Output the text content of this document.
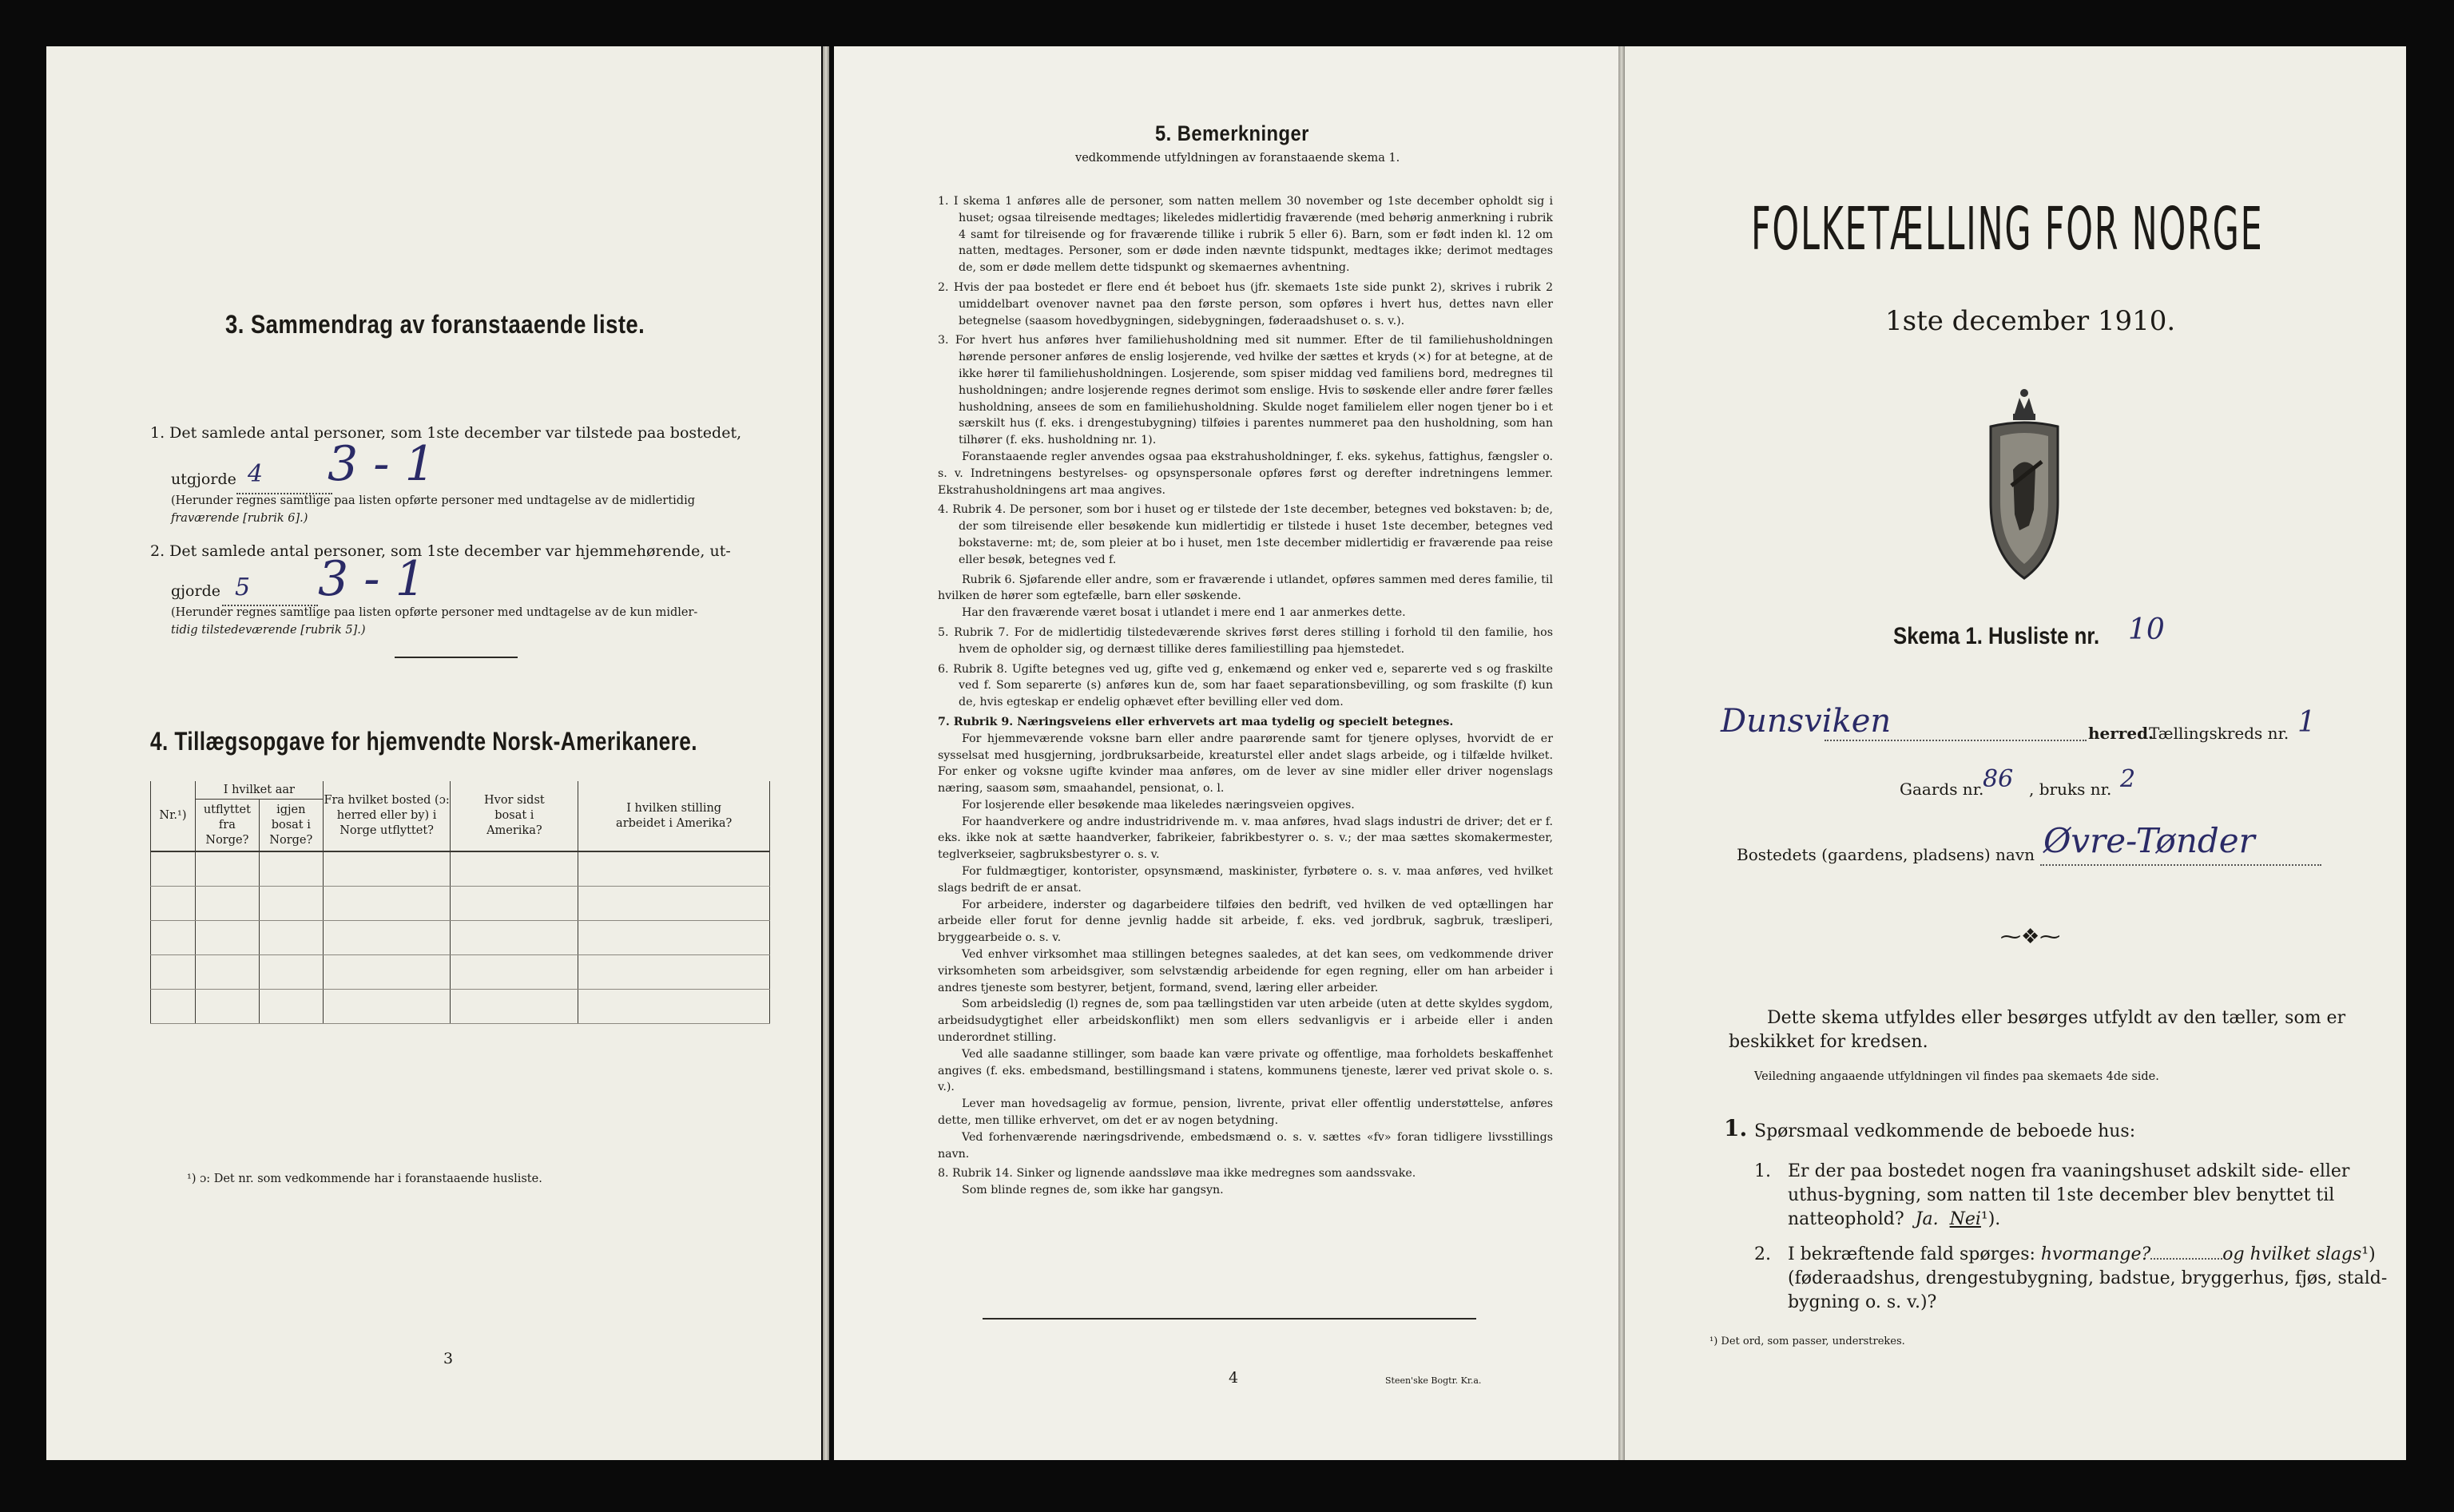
3. Sammendrag av foranstaaende liste.
1. Det samlede antal personer, som 1ste december var tilstede paa bostedet,
utgjorde 4 3 - 1
(Herunder regnes samtlige paa listen opførte personer med undtagelse av de midlertidig
fraværende [rubrik 6].)
2. Det samlede antal personer, som 1ste december var hjemmehørende, ut-
gjorde 5 3 - 1
(Herunder regnes samtlige paa listen opførte personer med undtagelse av de kun midler-
tidig tilstedeværende [rubrik 5].)
4. Tillægsopgave for hjemvendte Norsk-Amerikanere.
Nr.¹)	I hvilket aar		Fra hvilket bosted (ɔ: herred eller by) i Norge utflyttet?	Hvor sidst bosat i Amerika?	I hvilken stilling arbeidet i Amerika?
	utflyttet fra Norge?	igjen bosat i Norge?			

¹) ɔ: Det nr. som vedkommende har i foranstaaende husliste.
3
5. Bemerkninger
vedkommende utfyldningen av foranstaaende skema 1.

1. I skema 1 anføres alle de personer, som natten mellem 30 november og 1ste december opholdt sig i huset; ogsaa tilreisende medtages; likeledes midlertidig fraværende (med behørig anmerkning i rubrik 4 samt for tilreisende og for fraværende tillike i rubrik 5 eller 6). Barn, som er født inden kl. 12 om natten, medtages. Personer, som er døde inden nævnte tidspunkt, medtages ikke; derimot medtages de, som er døde mellem dette tidspunkt og skemaernes avhentning.

2. Hvis der paa bostedet er flere end ét beboet hus (jfr. skemaets 1ste side punkt 2), skrives i rubrik 2 umiddelbart ovenover navnet paa den første person, som opføres i hvert hus, dettes navn eller betegnelse (saasom hovedbygningen, sidebygningen, føderaadshuset o. s. v.).

3. For hvert hus anføres hver familiehusholdning med sit nummer. Efter de til familiehusholdningen hørende personer anføres de enslig losjerende, ved hvilke der sættes et kryds (×) for at betegne, at de ikke hører til familiehusholdningen. Losjerende, som spiser middag ved familiens bord, medregnes til husholdningen; andre losjerende regnes derimot som enslige. Hvis to søskende eller andre fører fælles husholdning, ansees de som en familiehusholdning. Skulde noget familielem eller nogen tjener bo i et særskilt hus (f. eks. i drengestubygning) tilføies i parentes nummeret paa den husholdning, som han tilhører (f. eks. husholdning nr. 1).

Foranstaaende regler anvendes ogsaa paa ekstrahusholdninger, f. eks. sykehus, fattighus, fængsler o. s. v. Indretningens bestyrelses- og opsynspersonale opføres først og derefter indretningens lemmer. Ekstrahusholdningens art maa angives.

4. Rubrik 4. De personer, som bor i huset og er tilstede der 1ste december, betegnes ved bokstaven: b; de, der som tilreisende eller besøkende kun midlertidig er tilstede i huset 1ste december, betegnes ved bokstaverne: mt; de, som pleier at bo i huset, men 1ste december midlertidig er fraværende paa reise eller besøk, betegnes ved f.

Rubrik 6. Sjøfarende eller andre, som er fraværende i utlandet, opføres sammen med deres familie, til hvilken de hører som egtefælle, barn eller søskende.

Har den fraværende været bosat i utlandet i mere end 1 aar anmerkes dette.

5. Rubrik 7. For de midlertidig tilstedeværende skrives først deres stilling i forhold til den familie, hos hvem de opholder sig, og dernæst tillike deres familiestilling paa hjemstedet.

6. Rubrik 8. Ugifte betegnes ved ug, gifte ved g, enkemænd og enker ved e, separerte ved s og fraskilte ved f. Som separerte (s) anføres kun de, som har faaet separationsbevilling, og som fraskilte (f) kun de, hvis egteskap er endelig ophævet efter bevilling eller ved dom.

7. Rubrik 9. Næringsveiens eller erhvervets art maa tydelig og specielt betegnes.

For hjemmeværende voksne barn eller andre paarørende samt for tjenere oplyses, hvorvidt de er sysselsat med husgjerning, jordbruksarbeide, kreaturstel eller andet slags arbeide, og i tilfælde hvilket. For enker og voksne ugifte kvinder maa anføres, om de lever av sine midler eller driver nogenslags næring, saasom søm, smaahandel, pensionat, o. l.

For losjerende eller besøkende maa likeledes næringsveien opgives.

For haandverkere og andre industridrivende m. v. maa anføres, hvad slags industri de driver; det er f. eks. ikke nok at sætte haandverker, fabrikeier, fabrikbestyrer o. s. v.; der maa sættes skomakermester, teglverkseier, sagbruksbestyrer o. s. v.

For fuldmægtiger, kontorister, opsynsmænd, maskinister, fyrbøtere o. s. v. maa anføres, ved hvilket slags bedrift de er ansat.

For arbeidere, inderster og dagarbeidere tilføies den bedrift, ved hvilken de ved optællingen har arbeide eller forut for denne jevnlig hadde sit arbeide, f. eks. ved jordbruk, sagbruk, træsliperi, bryggearbeide o. s. v.

Ved enhver virksomhet maa stillingen betegnes saaledes, at det kan sees, om vedkommende driver virksomheten som arbeidsgiver, som selvstændig arbeidende for egen regning, eller om han arbeider i andres tjeneste som bestyrer, betjent, formand, svend, læring eller arbeider.

Som arbeidsledig (l) regnes de, som paa tællingstiden var uten arbeide (uten at dette skyldes sygdom, arbeidsudygtighet eller arbeidskonflikt) men som ellers sedvanligvis er i arbeide eller i anden underordnet stilling.

Ved alle saadanne stillinger, som baade kan være private og offentlige, maa forholdets beskaffenhet angives (f. eks. embedsmand, bestillingsmand i statens, kommunens tjeneste, lærer ved privat skole o. s. v.).

Lever man hovedsagelig av formue, pension, livrente, privat eller offentlig understøttelse, anføres dette, men tillike erhvervet, om det er av nogen betydning.

Ved forhenværende næringsdrivende, embedsmænd o. s. v. sættes «fv» foran tidligere livsstillings navn.

8. Rubrik 14. Sinker og lignende aandssløve maa ikke medregnes som aandssvake.

Som blinde regnes de, som ikke har gangsyn.

4	Steen'ske Bogtr. Kr.a.
FOLKETÆLLING FOR NORGE
1ste december 1910.
Skema 1. Husliste nr. 10
Dunsviken	herred.
Tællingskreds nr. 1
Gaards nr.
86 , bruks nr. 2
Bostedets (gaardens, pladsens) navn Øvre-Tønder
⁓❖⁓
Dette skema utfyldes eller besørges utfyldt av den tæller, som er
beskikket for kredsen.
Veiledning angaaende utfyldningen vil findes paa skemaets 4de side.
1. Spørsmaal vedkommende de beboede hus:
1. Er der paa bostedet nogen fra vaaningshuset adskilt side- eller
uthus-bygning, som natten til 1ste december blev benyttet til
natteophold? Ja. Nei¹).
2. I bekræftende fald spørges: hvormange?	og hvilket slags¹)
(føderaadshus, drengestubygning, badstue, bryggerhus, fjøs, stald-
bygning o. s. v.)?
¹) Det ord, som passer, understrekes.
